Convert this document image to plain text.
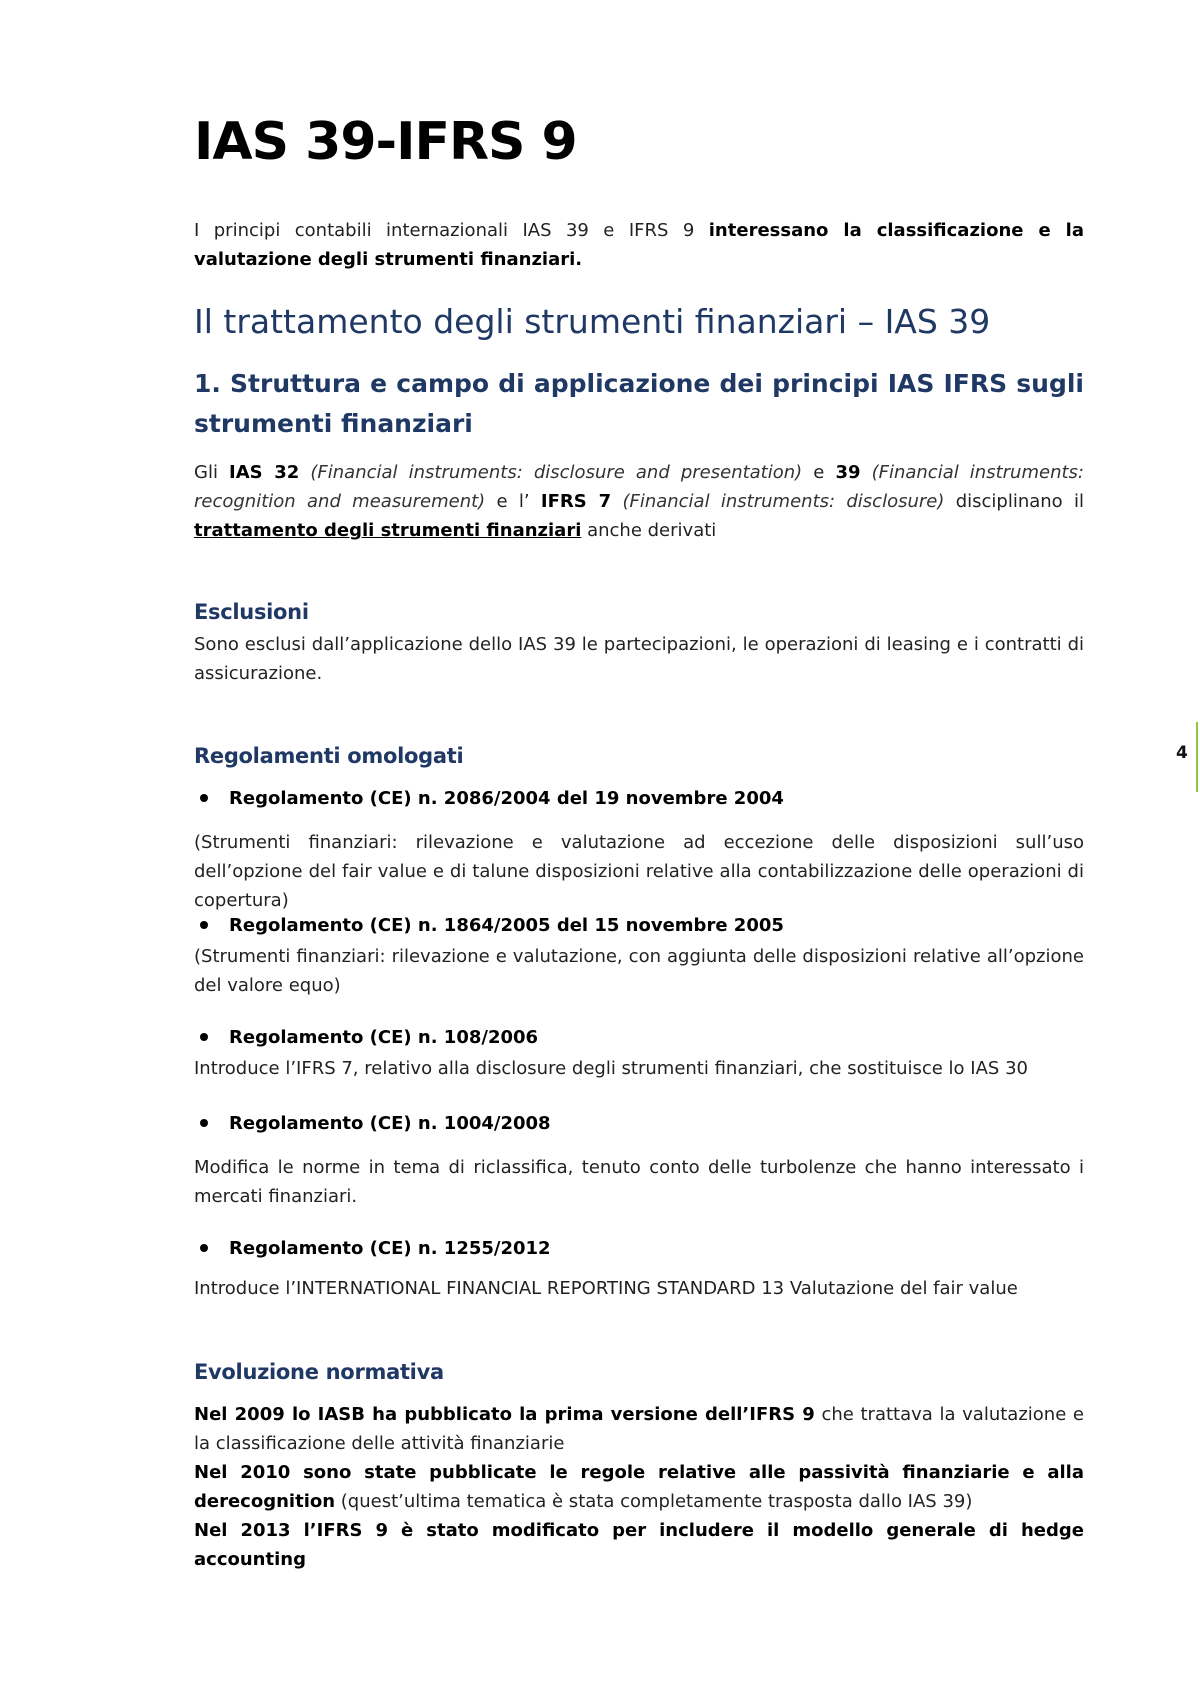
IAS 39-IFRS 9

I principi contabili internazionali IAS 39 e IFRS 9 interessano la classificazione e la valutazione degli strumenti finanziari.

Il trattamento degli strumenti finanziari – IAS 39
1. Struttura e campo di applicazione dei principi IAS IFRS sugli strumenti finanziari

Gli IAS 32 (Financial instruments: disclosure and presentation) e 39 (Financial instruments: recognition and measurement) e l’ IFRS 7 (Financial instruments: disclosure) disciplinano il trattamento degli strumenti finanziari anche derivati

Esclusioni

Sono esclusi dall’applicazione dello IAS 39 le partecipazioni, le operazioni di leasing e i contratti di assicurazione.

Regolamenti omologati
Regolamento (CE) n. 2086/2004 del 19 novembre 2004

(Strumenti finanziari: rilevazione e valutazione ad eccezione delle disposizioni sull’uso dell’opzione del fair value e di talune disposizioni relative alla contabilizzazione delle operazioni di copertura)

Regolamento (CE) n. 1864/2005 del 15 novembre 2005

(Strumenti finanziari: rilevazione e valutazione, con aggiunta delle disposizioni relative all’opzione del valore equo)

Regolamento (CE) n. 108/2006

Introduce l’IFRS 7, relativo alla disclosure degli strumenti finanziari, che sostituisce lo IAS 30

Regolamento (CE) n. 1004/2008

Modifica le norme in tema di riclassifica, tenuto conto delle turbolenze che hanno interessato i mercati finanziari.

Regolamento (CE) n. 1255/2012

Introduce l’INTERNATIONAL FINANCIAL REPORTING STANDARD 13 Valutazione del fair value

Evoluzione normativa

Nel 2009 lo IASB ha pubblicato la prima versione dell’IFRS 9 che trattava la valutazione e la classificazione delle attività finanziarie
Nel 2010 sono state pubblicate le regole relative alle passività finanziarie e alla derecognition (quest’ultima tematica è stata completamente trasposta dallo IAS 39)
Nel 2013 l’IFRS 9 è stato modificato per includere il modello generale di hedge accounting

4
